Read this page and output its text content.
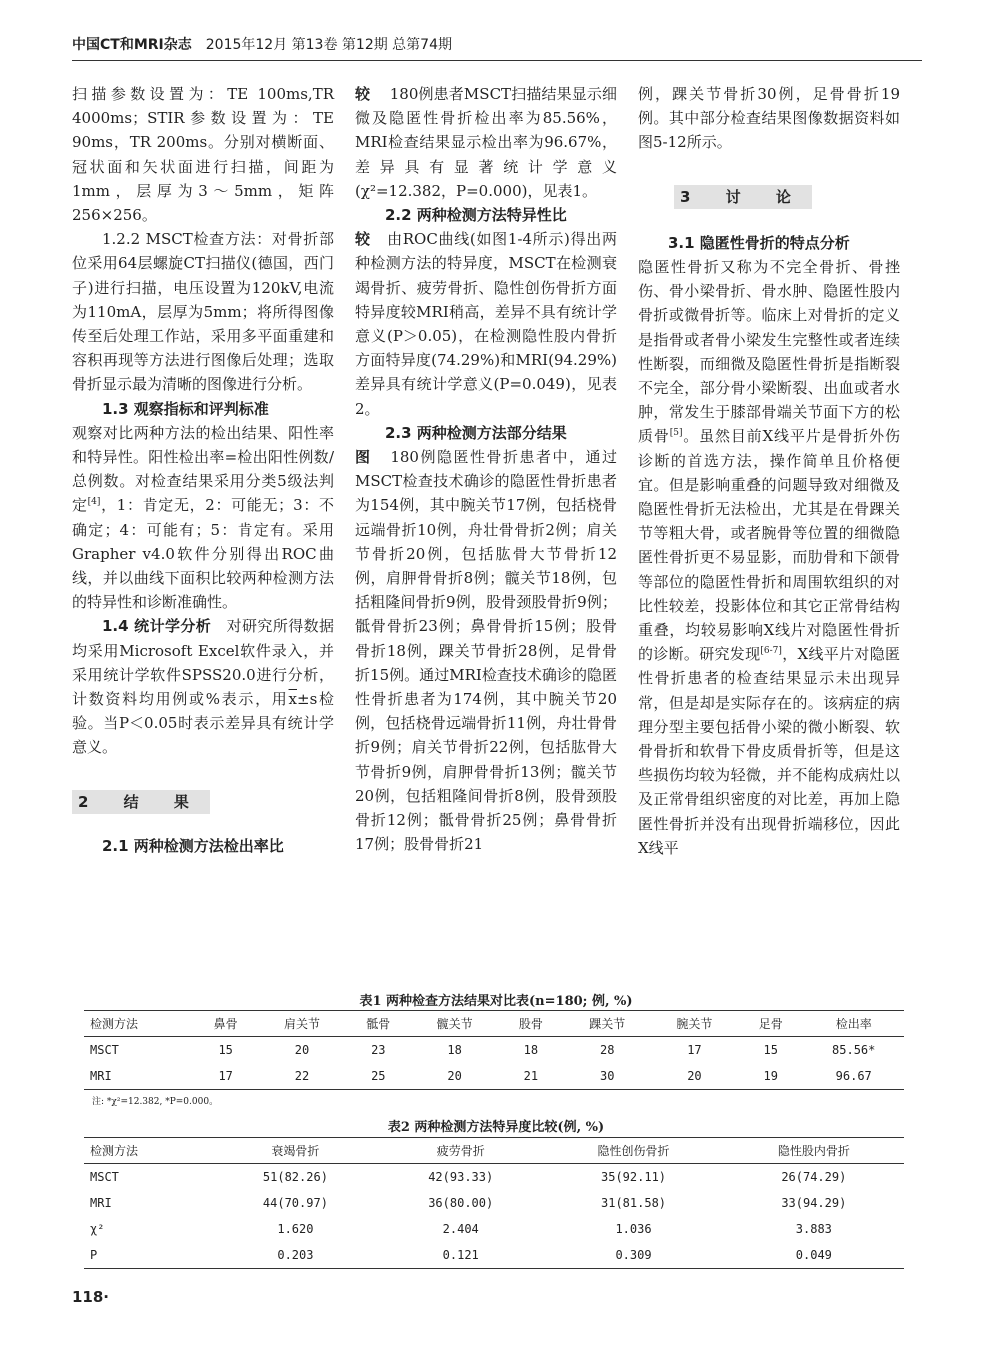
中国CT和MRI杂志 2015年12月 第13卷 第12期 总第74期

扫描参数设置为：TE 100ms,TR 4000ms；STIR参数设置为：TE 90ms，TR 200ms。分别对横断面、冠状面和矢状面进行扫描，间距为1mm，层厚为3～5mm，矩阵256×256。

1.2.2 MSCT检查方法：对骨折部位采用64层螺旋CT扫描仪(德国，西门子)进行扫描，电压设置为120kV,电流为110mA，层厚为5mm；将所得图像传至后处理工作站，采用多平面重建和容积再现等方法进行图像后处理；选取骨折显示最为清晰的图像进行分析。

1.3 观察指标和评判标准

观察对比两种方法的检出结果、阳性率和特异性。阳性检出率=检出阳性例数/总例数。对检查结果采用分类5级法判定[4]，1：肯定无，2：可能无；3：不确定；4：可能有；5：肯定有。采用Grapher v4.0软件分别得出ROC曲线，并以曲线下面积比较两种检测方法的特异性和诊断准确性。

1.4 统计学分析 对研究所得数据均采用Microsoft Excel软件录入，并采用统计学软件SPSS20.0进行分析，计数资料均用例或%表示，用$\overline{x}\pm s$检验。当P＜0.05时表示差异具有统计学意义。

2 结 果

2.1 两种检测方法检出率比

较 180例患者MSCT扫描结果显示细微及隐匿性骨折检出率为85.56%，MRI检查结果显示检出率为96.67%，差异具有显著统计学意义(χ²=12.382，P=0.000)，见表1。

2.2 两种检测方法特异性比

较 由ROC曲线(如图1-4所示)得出两种检测方法的特异度，MSCT在检测衰竭骨折、疲劳骨折、隐性创伤骨折方面特异度较MRI稍高，差异不具有统计学意义(P＞0.05)，在检测隐性股内骨折方面特异度(74.29%)和MRI(94.29%)差异具有统计学意义(P=0.049)，见表2。

2.3 两种检测方法部分结果

图 180例隐匿性骨折患者中，通过MSCT检查技术确诊的隐匿性骨折患者为154例，其中腕关节17例，包括桡骨远端骨折10例，舟壮骨骨折2例；肩关节骨折20例，包括肱骨大节骨折12例，肩胛骨骨折8例；髋关节18例，包括粗隆间骨折9例，股骨颈股骨折9例；骶骨骨折23例；鼻骨骨折15例；股骨骨折18例，踝关节骨折28例，足骨骨折15例。通过MRI检查技术确诊的隐匿性骨折患者为174例，其中腕关节20例，包括桡骨远端骨折11例，舟壮骨骨折9例；肩关节骨折22例，包括肱骨大节骨折9例，肩胛骨骨折13例；髋关节20例，包括粗隆间骨折8例，股骨颈股骨折12例；骶骨骨折25例；鼻骨骨折17例；股骨骨折21

例，踝关节骨折30例，足骨骨折19例。其中部分检查结果图像数据资料如图5-12所示。

3 讨 论

3.1 隐匿性骨折的特点分析

隐匿性骨折又称为不完全骨折、骨挫伤、骨小梁骨折、骨水肿、隐匿性股内骨折或微骨折等。临床上对骨折的定义是指骨或者骨小梁发生完整性或者连续性断裂，而细微及隐匿性骨折是指断裂不完全，部分骨小梁断裂、出血或者水肿，常发生于膝部骨端关节面下方的松质骨[5]。虽然目前X线平片是骨折外伤诊断的首选方法，操作简单且价格便宜。但是影响重叠的问题导致对细微及隐匿性骨折无法检出，尤其是在骨踝关节等粗大骨，或者腕骨等位置的细微隐匿性骨折更不易显影，而肋骨和下颌骨等部位的隐匿性骨折和周围软组织的对比性较差，投影体位和其它正常骨结构重叠，均较易影响X线片对隐匿性骨折的诊断。研究发现[6-7]，X线平片对隐匿性骨折患者的检查结果显示未出现异常，但是却是实际存在的。该病症的病理分型主要包括骨小梁的微小断裂、软骨骨折和软骨下骨皮质骨折等，但是这些损伤均较为轻微，并不能构成病灶以及正常骨组织密度的对比差，再加上隐匿性骨折并没有出现骨折端移位，因此X线平

表1 两种检查方法结果对比表(n=180; 例, %)
检测方法	鼻骨	肩关节	骶骨	髋关节	股骨	踝关节	腕关节	足骨	检出率
MSCT	15	20	23	18	18	28	17	15	85.56*
MRI	17	22	25	20	21	30	20	19	96.67
注: *χ²=12.382, *P=0.000。
表2 两种检测方法特异度比较(例, %)
检测方法	衰竭骨折	疲劳骨折	隐性创伤骨折	隐性股内骨折
MSCT	51(82.26)	42(93.33)	35(92.11)	26(74.29)
MRI	44(70.97)	36(80.00)	31(81.58)	33(94.29)
χ²	1.620	2.404	1.036	3.883
P	0.203	0.121	0.309	0.049
118·
